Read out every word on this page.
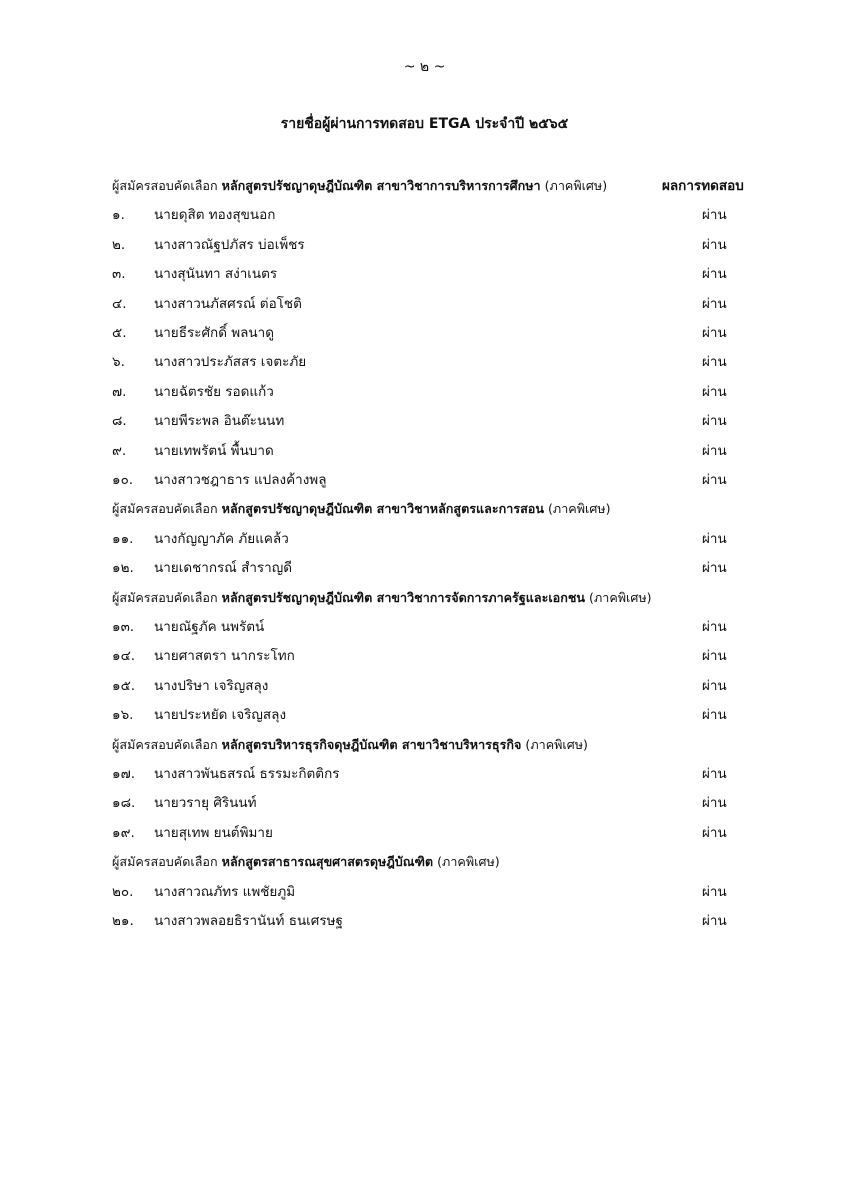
~ ๒ ~
รายชื่อผู้ผ่านการทดสอบ ETGA ประจำปี ๒๕๖๕
ผู้สมัครสอบคัดเลือก หลักสูตรปรัชญาดุษฎีบัณฑิต สาขาวิชาการบริหารการศึกษา (ภาคพิเศษ)	ผลการทดสอบ
๑. นายดุสิต ทองสุขนอก	ผ่าน
๒. นางสาวณัฐปภัสร บ่อเพ็ชร	ผ่าน
๓. นางสุนันทา สง่าเนตร	ผ่าน
๔. นางสาวนภัสศรณ์ ต่อโชติ	ผ่าน
๕. นายธีระศักดิ์ พลนาดู	ผ่าน
๖. นางสาวประภัสสร เจตะภัย	ผ่าน
๗. นายฉัตรชัย รอดแก้ว	ผ่าน
๘. นายพีระพล อินต๊ะนนท	ผ่าน
๙. นายเทพรัตน์ พื้นบาด	ผ่าน
๑๐. นางสาวชฎาธาร แปลงค้างพลู	ผ่าน
ผู้สมัครสอบคัดเลือก หลักสูตรปรัชญาดุษฎีบัณฑิต สาขาวิชาหลักสูตรและการสอน (ภาคพิเศษ)
๑๑. นางกัญญาภัค ภัยแคล้ว	ผ่าน
๑๒. นายเดชากรณ์ สำราญดี	ผ่าน
ผู้สมัครสอบคัดเลือก หลักสูตรปรัชญาดุษฎีบัณฑิต สาขาวิชาการจัดการภาครัฐและเอกชน (ภาคพิเศษ)
๑๓. นายณัฐภัค นพรัตน์	ผ่าน
๑๔. นายศาสตรา นากระโทก	ผ่าน
๑๕. นางปริษา เจริญสลุง	ผ่าน
๑๖. นายประหยัด เจริญสลุง	ผ่าน
ผู้สมัครสอบคัดเลือก หลักสูตรบริหารธุรกิจดุษฎีบัณฑิต สาขาวิชาบริหารธุรกิจ (ภาคพิเศษ)
๑๗. นางสาวพันธสรณ์ ธรรมะกิตติกร	ผ่าน
๑๘. นายวรายุ ศิรินนท์	ผ่าน
๑๙. นายสุเทพ ยนต์พิมาย	ผ่าน
ผู้สมัครสอบคัดเลือก หลักสูตรสาธารณสุขศาสตรดุษฎีบัณฑิต (ภาคพิเศษ)
๒๐. นางสาวณภัทร แพชัยภูมิ	ผ่าน
๒๑. นางสาวพลอยธิรานันท์ ธนเศรษฐ	ผ่าน
